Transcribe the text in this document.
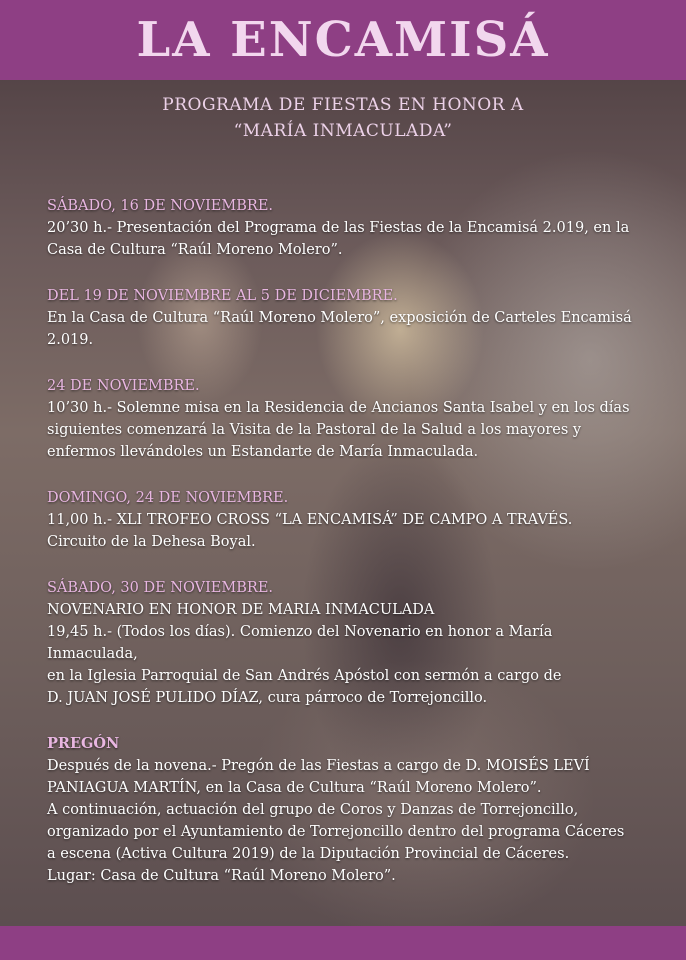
LA ENCAMISÁ
PROGRAMA DE FIESTAS EN HONOR A
“MARÍA INMACULADA”
SÁBADO, 16 DE NOVIEMBRE.

20’30 h.- Presentación del Programa de las Fiestas de la Encamisá 2.019, en la

Casa de Cultura “Raúl Moreno Molero”.

DEL 19 DE NOVIEMBRE AL 5 DE DICIEMBRE.

En la Casa de Cultura “Raúl Moreno Molero”, exposición de Carteles Encamisá

2.019.

24 DE NOVIEMBRE.

10’30 h.- Solemne misa en la Residencia de Ancianos Santa Isabel y en los días

siguientes comenzará la Visita de la Pastoral de la Salud a los mayores y

enfermos llevándoles un Estandarte de María Inmaculada.

DOMINGO, 24 DE NOVIEMBRE.

11,00 h.- XLI TROFEO CROSS “LA ENCAMISÁ” DE CAMPO A TRAVÉS.

Circuito de la Dehesa Boyal.

SÁBADO, 30 DE NOVIEMBRE.

NOVENARIO EN HONOR DE MARIA INMACULADA

19,45 h.- (Todos los días). Comienzo del Novenario en honor a María Inmaculada,

en la Iglesia Parroquial de San Andrés Apóstol con sermón a cargo de

D. JUAN JOSÉ PULIDO DÍAZ, cura párroco de Torrejoncillo.

PREGÓN

Después de la novena.- Pregón de las Fiestas a cargo de D. MOISÉS LEVÍ

PANIAGUA MARTÍN, en la Casa de Cultura “Raúl Moreno Molero”.

A continuación, actuación del grupo de Coros y Danzas de Torrejoncillo,

organizado por el Ayuntamiento de Torrejoncillo dentro del programa Cáceres

a escena (Activa Cultura 2019) de la Diputación Provincial de Cáceres.

Lugar: Casa de Cultura “Raúl Moreno Molero”.
